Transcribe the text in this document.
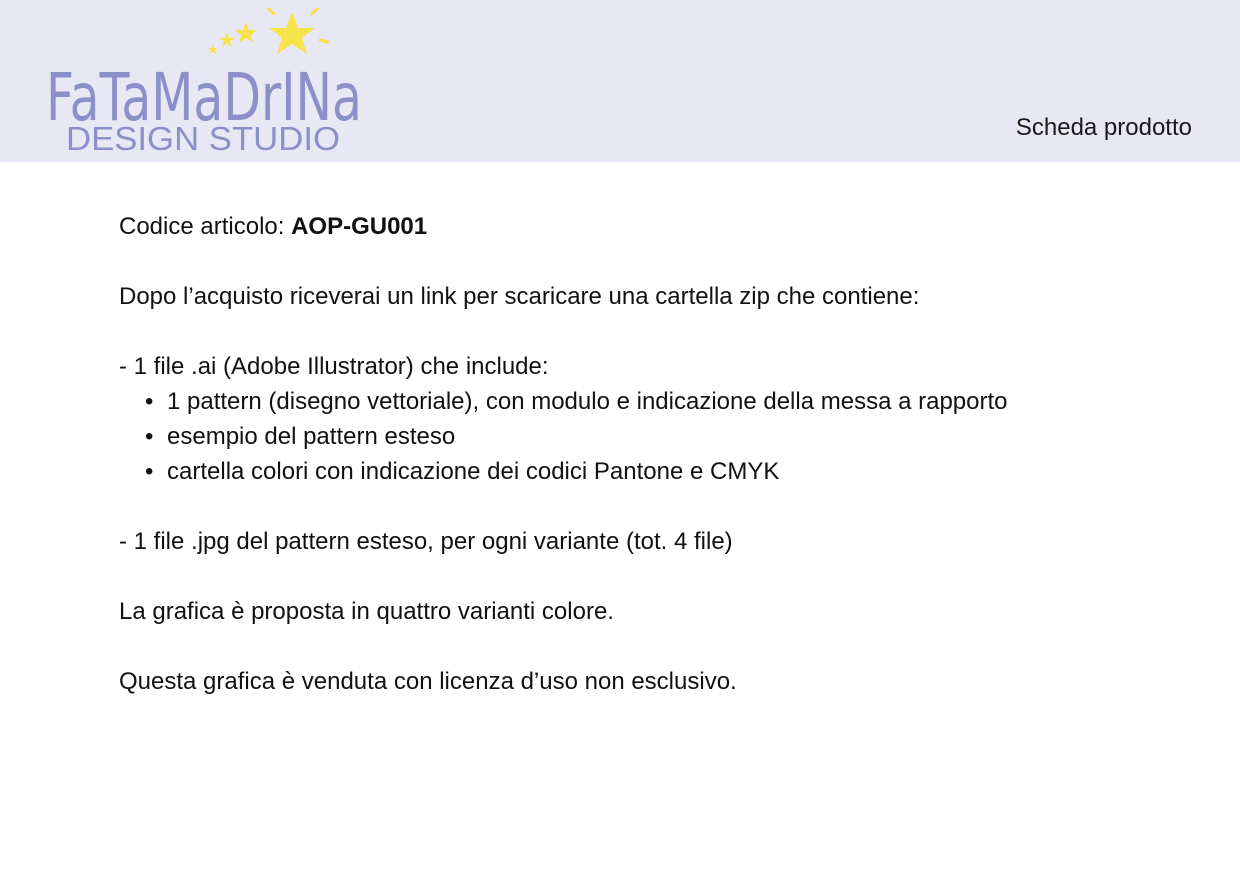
FaTaMaDrINa
DESIGN STUDIO	Scheda prodotto
Codice articolo: AOP-GU001
Dopo l’acquisto riceverai un link per scaricare una cartella zip che contiene:
- 1 file .ai (Adobe Illustrator) che include:
• 1 pattern (disegno vettoriale), con modulo e indicazione della messa a rapporto
• esempio del pattern esteso
• cartella colori con indicazione dei codici Pantone e CMYK
- 1 file .jpg del pattern esteso, per ogni variante (tot. 4 file)
La grafica è proposta in quattro varianti colore.
Questa grafica è venduta con licenza d’uso non esclusivo.
